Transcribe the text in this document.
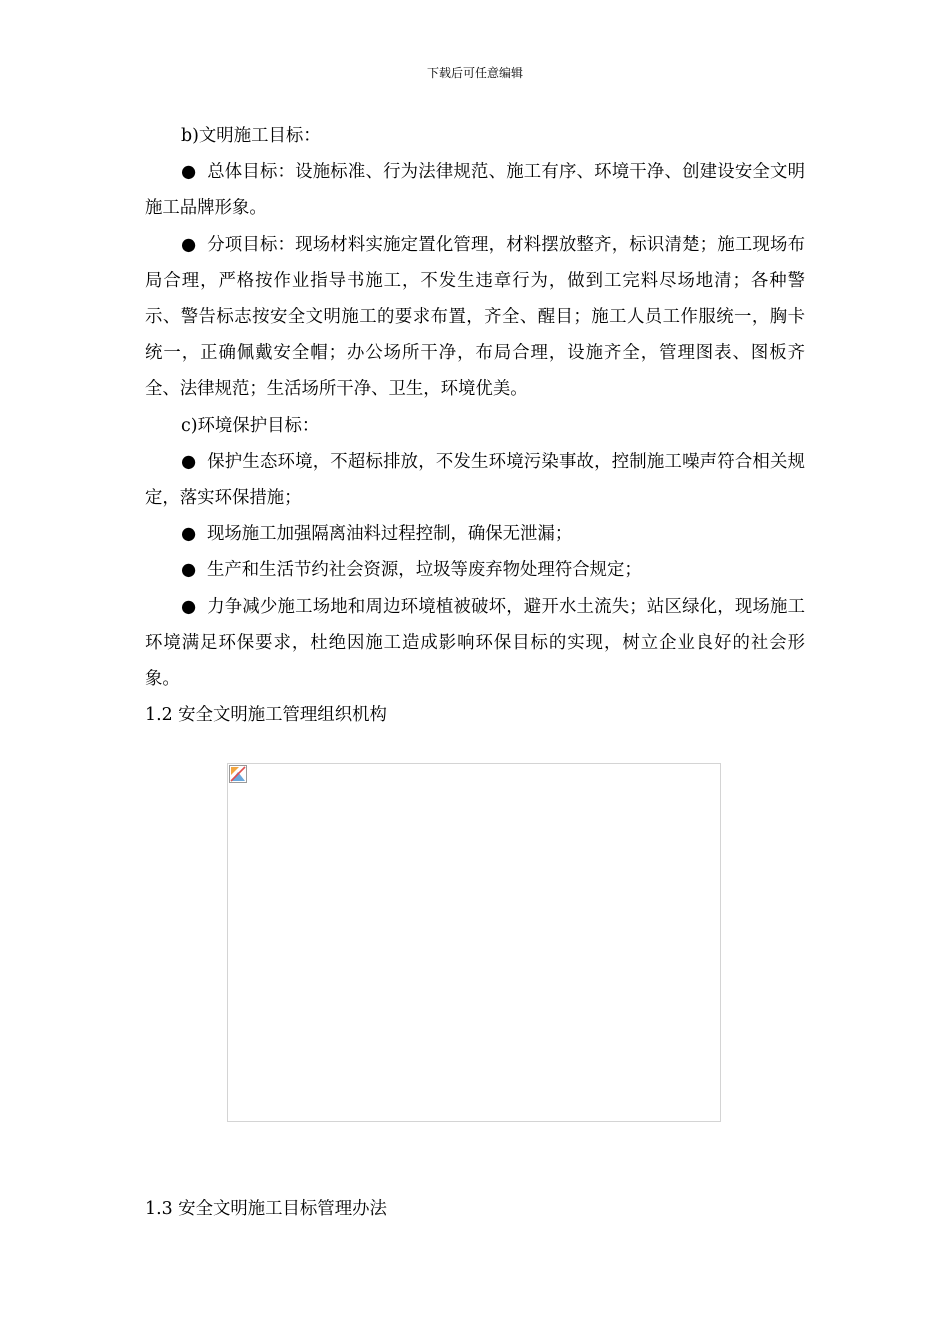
下载后可任意编辑

b)文明施工目标：

● 总体目标：设施标准、行为法律规范、施工有序、环境干净、创建设安全文明施工品牌形象。

● 分项目标：现场材料实施定置化管理，材料摆放整齐，标识清楚；施工现场布局合理，严格按作业指导书施工，不发生违章行为，做到工完料尽场地清；各种警示、警告标志按安全文明施工的要求布置，齐全、醒目；施工人员工作服统一，胸卡统一，正确佩戴安全帽；办公场所干净，布局合理，设施齐全，管理图表、图板齐全、法律规范；生活场所干净、卫生，环境优美。

c)环境保护目标：

● 保护生态环境，不超标排放，不发生环境污染事故，控制施工噪声符合相关规定，落实环保措施；

● 现场施工加强隔离油料过程控制，确保无泄漏；

● 生产和生活节约社会资源，垃圾等废弃物处理符合规定；

● 力争减少施工场地和周边环境植被破坏，避开水土流失；站区绿化，现场施工环境满足环保要求，杜绝因施工造成影响环保目标的实现，树立企业良好的社会形象。

1.2 安全文明施工管理组织机构

1.3 安全文明施工目标管理办法
